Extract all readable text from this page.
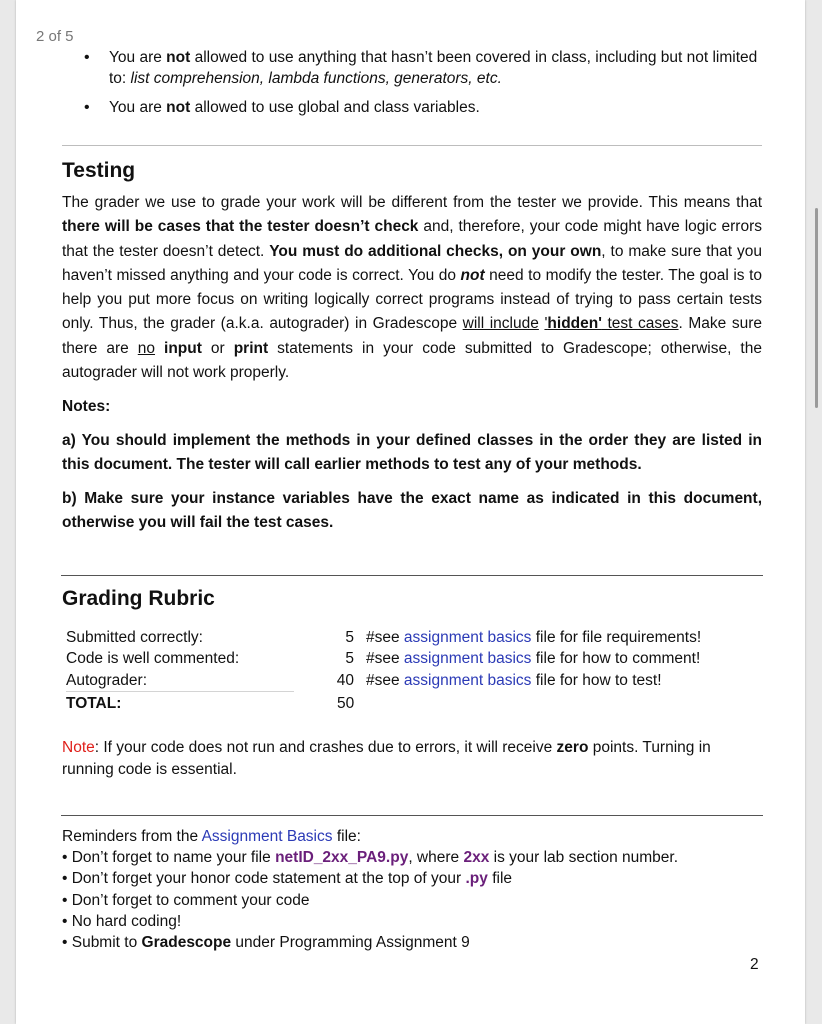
2 of 5
• You are not allowed to use anything that hasn’t been covered in class, including but not limited to: list comprehension, lambda functions, generators, etc.
• You are not allowed to use global and class variables.
Testing

The grader we use to grade your work will be different from the tester we provide. This means that there will be cases that the tester doesn’t check and, therefore, your code might have logic errors that the tester doesn’t detect. You must do additional checks, on your own, to make sure that you haven’t missed anything and your code is correct. You do not need to modify the tester. The goal is to help you put more focus on writing logically correct programs instead of trying to pass certain tests only. Thus, the grader (a.k.a. autograder) in Gradescope will include 'hidden' test cases. Make sure there are no input or print statements in your code submitted to Gradescope; otherwise, the autograder will not work properly.

Notes:

a) You should implement the methods in your defined classes in the order they are listed in this document. The tester will call earlier methods to test any of your methods.

b) Make sure your instance variables have the exact name as indicated in this document, otherwise you will fail the test cases.

Grading Rubric
Submitted correctly:	5 #see assignment basics file for file requirements!
Code is well commented:	5 #see assignment basics file for how to comment!
Autograder:	40 #see assignment basics file for how to test!
TOTAL:	50

Note: If your code does not run and crashes due to errors, it will receive zero points. Turning in running code is essential.

Reminders from the Assignment Basics file:
• Don’t forget to name your file netID_2xx_PA9.py, where 2xx is your lab section number.
• Don’t forget your honor code statement at the top of your .py file
• Don’t forget to comment your code
• No hard coding!
• Submit to Gradescope under Programming Assignment 9
2
